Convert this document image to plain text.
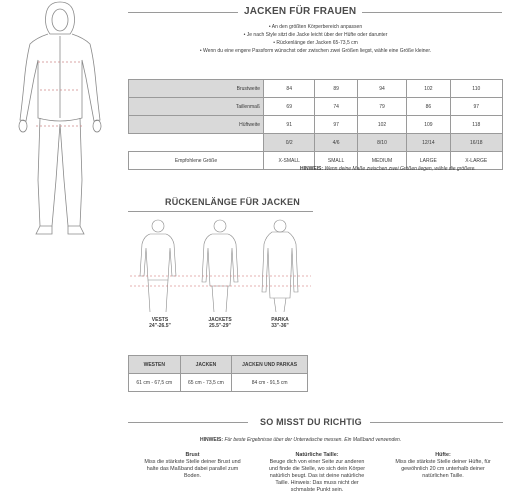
JACKEN FÜR FRAUEN
• An den größten Körperbereich anpassen
• Je nach Style sitzt die Jacke leicht über der Hüfte oder darunter
• Rückenlänge der Jacken 65-73,5 cm
• Wenn du eine engere Passform wünschst oder zwischen zwei Größen liegst, wähle eine Größe kleiner.
Brustweite	84	89	94	102	110
Taillenmaß	69	74	79	86	97
Hüftweite	91	97	102	109	118
	0/2	4/6	8/10	12/14	16/18
Empfohlene Größe	X-SMALL	SMALL	MEDIUM	LARGE	X-LARGE
HINWEIS: Wenn deine Maße zwischen zwei Größen liegen, wähle die größere.
RÜCKENLÄNGE FÜR JACKEN
VESTS
24"-26.5"
JACKETS
25.5"-29"
PARKA
33"-36"
WESTEN	JACKEN	JACKEN UND PARKAS
61 cm - 67,5 cm	65 cm - 73,5 cm	84 cm - 91,5 cm
SO MISST DU RICHTIG
HINWEIS: Für beste Ergebnisse über der Unterwäsche messen. Ein Maßband verwenden.
Brust
Miss die stärkste Stelle deiner Brust und
halte das Maßband dabei parallel zum
Boden.
Natürliche Taille:
Beuge dich von einer Seite zur anderen
und finde die Stelle, wo sich dein Körper
natürlich beugt. Das ist deine natürliche
Taille. Hinweis: Das muss nicht der
schmalste Punkt sein.
Hüfte:
Miss die stärkste Stelle deiner Hüfte, für
gewöhnlich 20 cm unterhalb deiner
natürlichen Taille.
